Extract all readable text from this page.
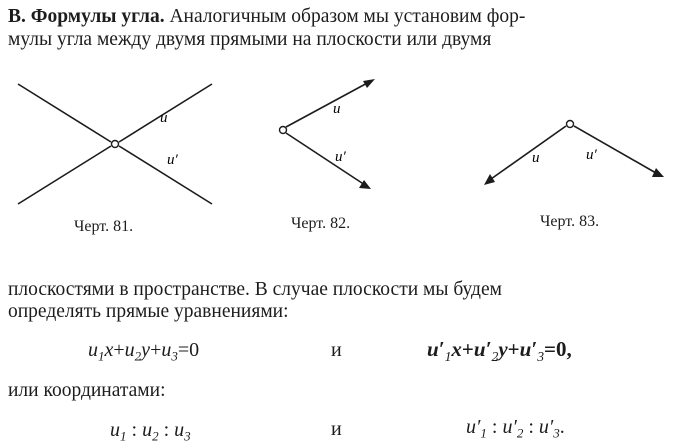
В. Формулы угла. Аналогичным образом мы установим фор-
мулы угла между двумя прямыми на плоскости или двумя
u
u′
Черт. 81.
u
u′
Черт. 82.
u	u′
Черт. 83.
плоскостями в пространстве. В случае плоскости мы будем
определять прямые уравнениями:
$u_1x+u_2y+u_3=0$	и	$u'_1x+u'_2y+u'_3=0$,
или координатами:
$u_1$ : $u_2$ : $u_3$	и	$u'_1$ : $u'_2$ : $u'_3$.
